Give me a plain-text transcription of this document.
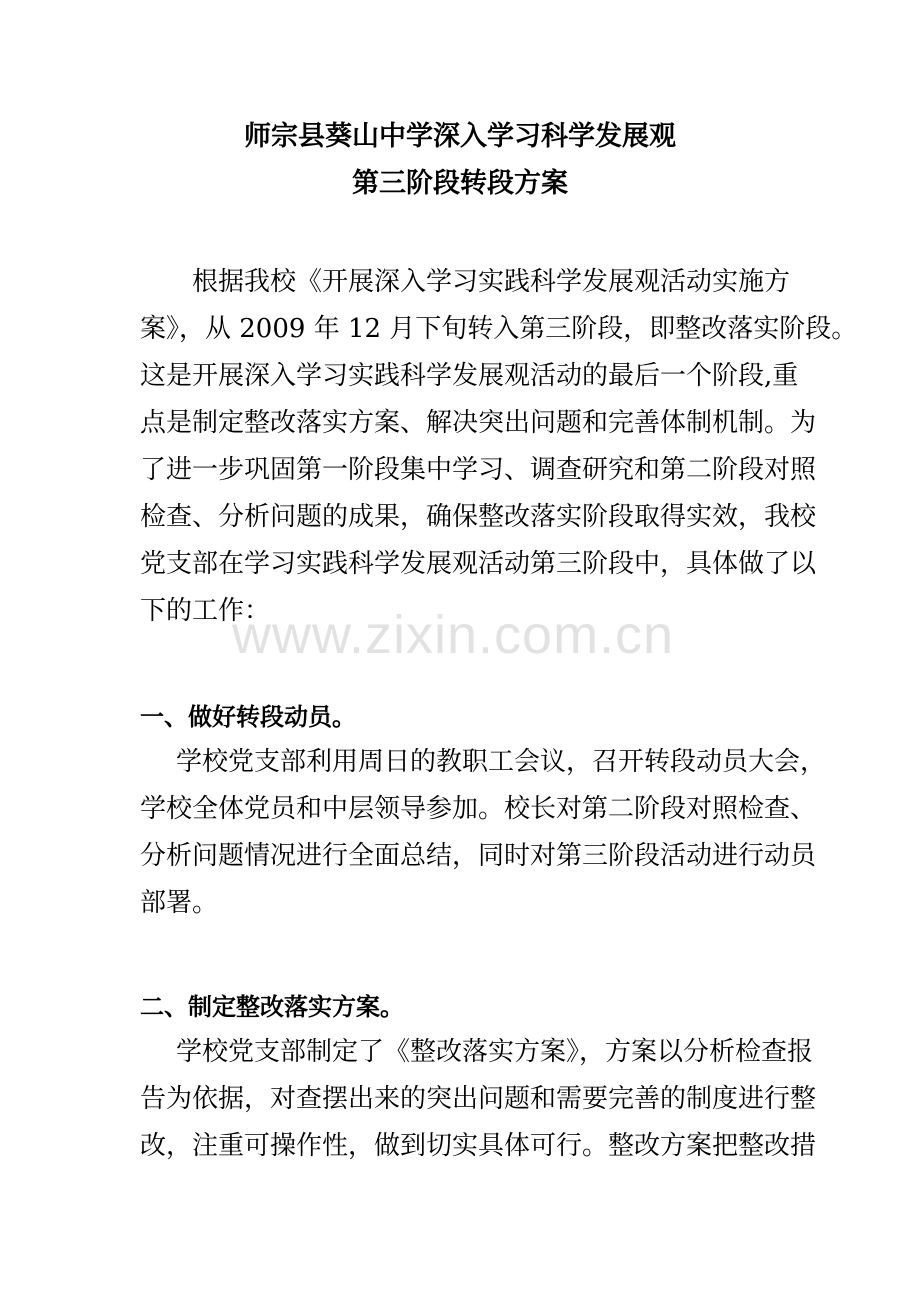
师宗县葵山中学深入学习科学发展观
第三阶段转段方案
根据我校《开展深入学习实践科学发展观活动实施方
案》，从 2009 年 12 月下旬转入第三阶段，即整改落实阶段。
这是开展深入学习实践科学发展观活动的最后一个阶段,重
点是制定整改落实方案、解决突出问题和完善体制机制。为
了进一步巩固第一阶段集中学习、调查研究和第二阶段对照
检查、分析问题的成果，确保整改落实阶段取得实效，我校
党支部在学习实践科学发展观活动第三阶段中，具体做了以
下的工作：
一、做好转段动员。
学校党支部利用周日的教职工会议，召开转段动员大会，
学校全体党员和中层领导参加。校长对第二阶段对照检查、
分析问题情况进行全面总结，同时对第三阶段活动进行动员
部署。
二、制定整改落实方案。
学校党支部制定了《整改落实方案》，方案以分析检查报
告为依据，对查摆出来的突出问题和需要完善的制度进行整
改，注重可操作性，做到切实具体可行。整改方案把整改措
www.zixin.com.cn
